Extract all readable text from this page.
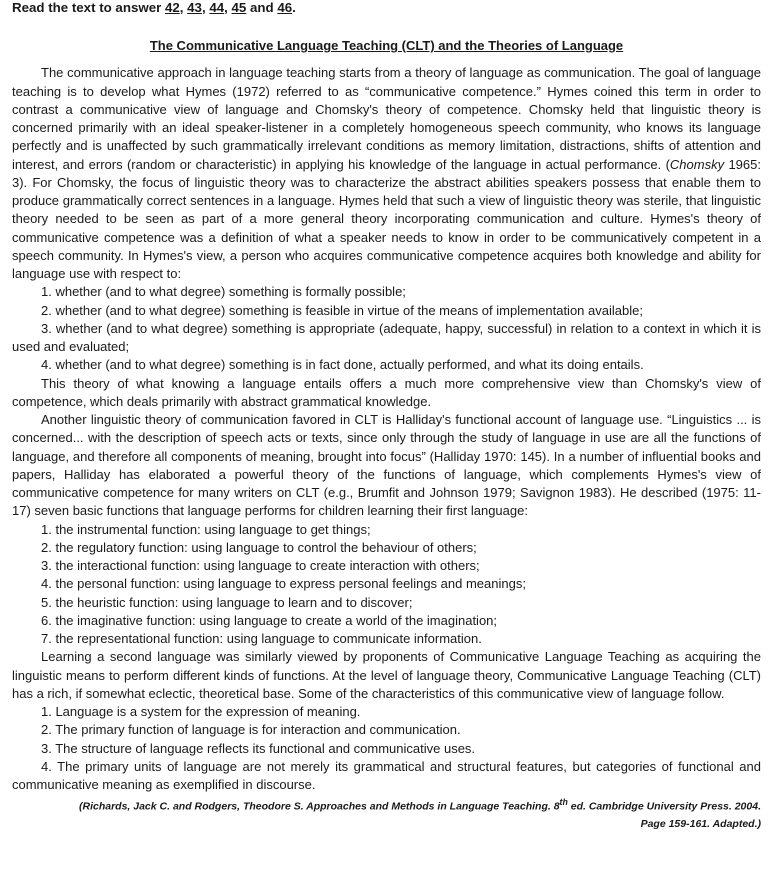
Read the text to answer 42, 43, 44, 45 and 46.
The Communicative Language Teaching (CLT) and the Theories of Language

The communicative approach in language teaching starts from a theory of language as communication. The goal of language teaching is to develop what Hymes (1972) referred to as “communicative competence.” Hymes coined this term in order to contrast a communicative view of language and Chomsky's theory of competence. Chomsky held that linguistic theory is concerned primarily with an ideal speaker-listener in a completely homogeneous speech community, who knows its language perfectly and is unaffected by such grammatically irrelevant conditions as memory limitation, distractions, shifts of attention and interest, and errors (random or characteristic) in applying his knowledge of the language in actual performance. (Chomsky 1965: 3). For Chomsky, the focus of linguistic theory was to characterize the abstract abilities speakers possess that enable them to produce grammatically correct sentences in a language. Hymes held that such a view of linguistic theory was sterile, that linguistic theory needed to be seen as part of a more general theory incorporating communication and culture. Hymes's theory of communicative competence was a definition of what a speaker needs to know in order to be communicatively competent in a speech community. In Hymes's view, a person who acquires communicative competence acquires both knowledge and ability for language use with respect to:

1. whether (and to what degree) something is formally possible;
2. whether (and to what degree) something is feasible in virtue of the means of implementation available;
3. whether (and to what degree) something is appropriate (adequate, happy, successful) in relation to a context in which it is used and evaluated;
4. whether (and to what degree) something is in fact done, actually performed, and what its doing entails.

This theory of what knowing a language entails offers a much more comprehensive view than Chomsky's view of competence, which deals primarily with abstract grammatical knowledge.

Another linguistic theory of communication favored in CLT is Halliday's functional account of language use. “Linguistics ... is concerned... with the description of speech acts or texts, since only through the study of language in use are all the functions of language, and therefore all components of meaning, brought into focus” (Halliday 1970: 145). In a number of influential books and papers, Halliday has elaborated a powerful theory of the functions of language, which complements Hymes's view of communicative competence for many writers on CLT (e.g., Brumfit and Johnson 1979; Savignon 1983). He described (1975: 11-17) seven basic functions that language performs for children learning their first language:

1. the instrumental function: using language to get things;
2. the regulatory function: using language to control the behaviour of others;
3. the interactional function: using language to create interaction with others;
4. the personal function: using language to express personal feelings and meanings;
5. the heuristic function: using language to learn and to discover;
6. the imaginative function: using language to create a world of the imagination;
7. the representational function: using language to communicate information.

Learning a second language was similarly viewed by proponents of Communicative Language Teaching as acquiring the linguistic means to perform different kinds of functions. At the level of language theory, Communicative Language Teaching (CLT) has a rich, if somewhat eclectic, theoretical base. Some of the characteristics of this communicative view of language follow.

1. Language is a system for the expression of meaning.
2. The primary function of language is for interaction and communication.
3. The structure of language reflects its functional and communicative uses.
4. The primary units of language are not merely its grammatical and structural features, but categories of functional and communicative meaning as exemplified in discourse.
(Richards, Jack C. and Rodgers, Theodore S. Approaches and Methods in Language Teaching. 8th ed. Cambridge University Press. 2004.
Page 159-161. Adapted.)
